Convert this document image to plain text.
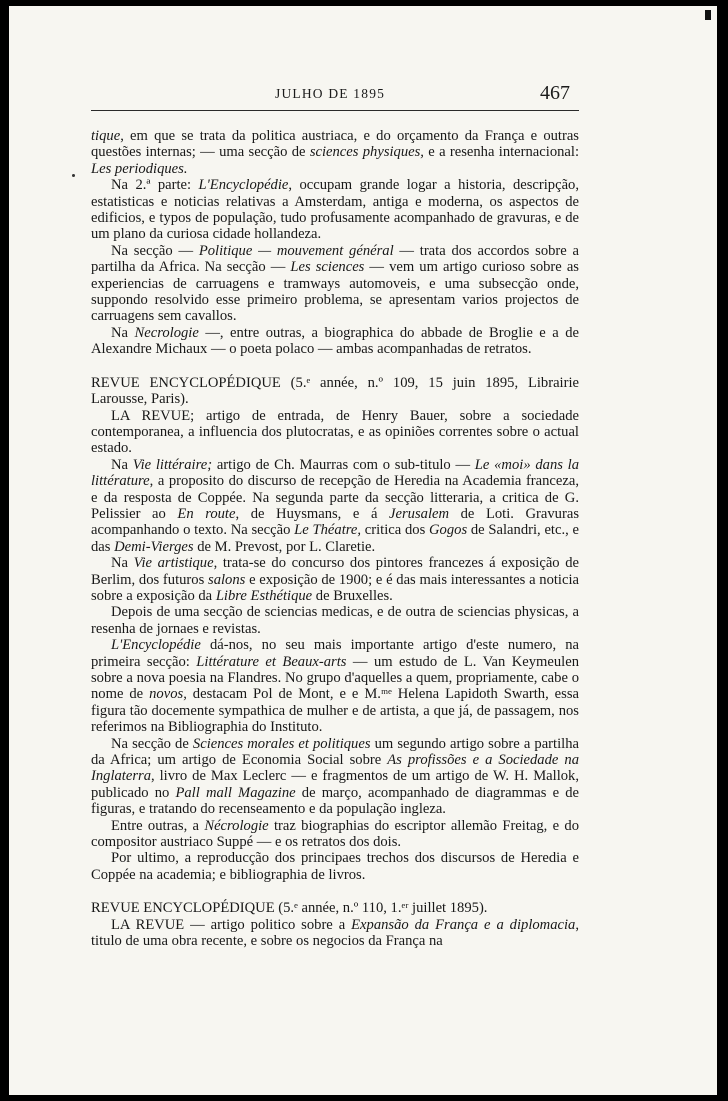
JULHO DE 1895	467

tique, em que se trata da politica austriaca, e do orçamento da França e outras questões internas; — uma secção de sciences physiques, e a resenha internacional: Les periodiques.

Na 2.ª parte: L'Encyclopédie, occupam grande logar a historia, descripção, estatisticas e noticias relativas a Amsterdam, antiga e moderna, os aspectos de edificios, e typos de população, tudo profusamente acompanhado de gravuras, e de um plano da curiosa cidade hollandeza.

Na secção — Politique — mouvement général — trata dos accordos sobre a partilha da Africa. Na secção — Les sciences — vem um artigo curioso sobre as experiencias de carruagens e tramways automoveis, e uma subsecção onde, suppondo resolvido esse primeiro problema, se apresentam varios projectos de carruagens sem cavallos.

Na Necrologie —, entre outras, a biographica do abbade de Broglie e a de Alexandre Michaux — o poeta polaco — ambas acompanhadas de retratos.

REVUE ENCYCLOPÉDIQUE (5.ᵉ année, n.º 109, 15 juin 1895, Librairie Larousse, Paris).

LA REVUE; artigo de entrada, de Henry Bauer, sobre a sociedade contemporanea, a influencia dos plutocratas, e as opiniões correntes sobre o actual estado.

Na Vie littéraire; artigo de Ch. Maurras com o sub-titulo — Le «moi» dans la littérature, a proposito do discurso de recepção de Heredia na Academia franceza, e da resposta de Coppée. Na segunda parte da secção litteraria, a critica de G. Pelissier ao En route, de Huysmans, e á Jerusalem de Loti. Gravuras acompanhando o texto. Na secção Le Théatre, critica dos Gogos de Salandri, etc., e das Demi-Vierges de M. Prevost, por L. Claretie.

Na Vie artistique, trata-se do concurso dos pintores francezes á exposição de Berlim, dos futuros salons e exposição de 1900; e é das mais interessantes a noticia sobre a exposição da Libre Esthétique de Bruxelles.

Depois de uma secção de sciencias medicas, e de outra de sciencias physicas, a resenha de jornaes e revistas.

L'Encyclopédie dá-nos, no seu mais importante artigo d'este numero, na primeira secção: Littérature et Beaux-arts — um estudo de L. Van Keymeulen sobre a nova poesia na Flandres. No grupo d'aquelles a quem, propriamente, cabe o nome de novos, destacam Pol de Mont, e e M.ᵐᵉ Helena Lapidoth Swarth, essa figura tão docemente sympathica de mulher e de artista, a que já, de passagem, nos referimos na Bibliographia do Instituto.

Na secção de Sciences morales et politiques um segundo artigo sobre a partilha da Africa; um artigo de Economia Social sobre As profissões e a Sociedade na Inglaterra, livro de Max Leclerc — e fragmentos de um artigo de W. H. Mallok, publicado no Pall mall Magazine de março, acompanhado de diagrammas e de figuras, e tratando do recenseamento e da população ingleza.

Entre outras, a Nécrologie traz biographias do escriptor allemão Freitag, e do compositor austriaco Suppé — e os retratos dos dois.

Por ultimo, a reproducção dos principaes trechos dos discursos de Heredia e Coppée na academia; e bibliographia de livros.

REVUE ENCYCLOPÉDIQUE (5.ᵉ année, n.º 110, 1.ᵉʳ juillet 1895).

LA REVUE — artigo politico sobre a Expansão da França e a diplomacia, titulo de uma obra recente, e sobre os negocios da França na
